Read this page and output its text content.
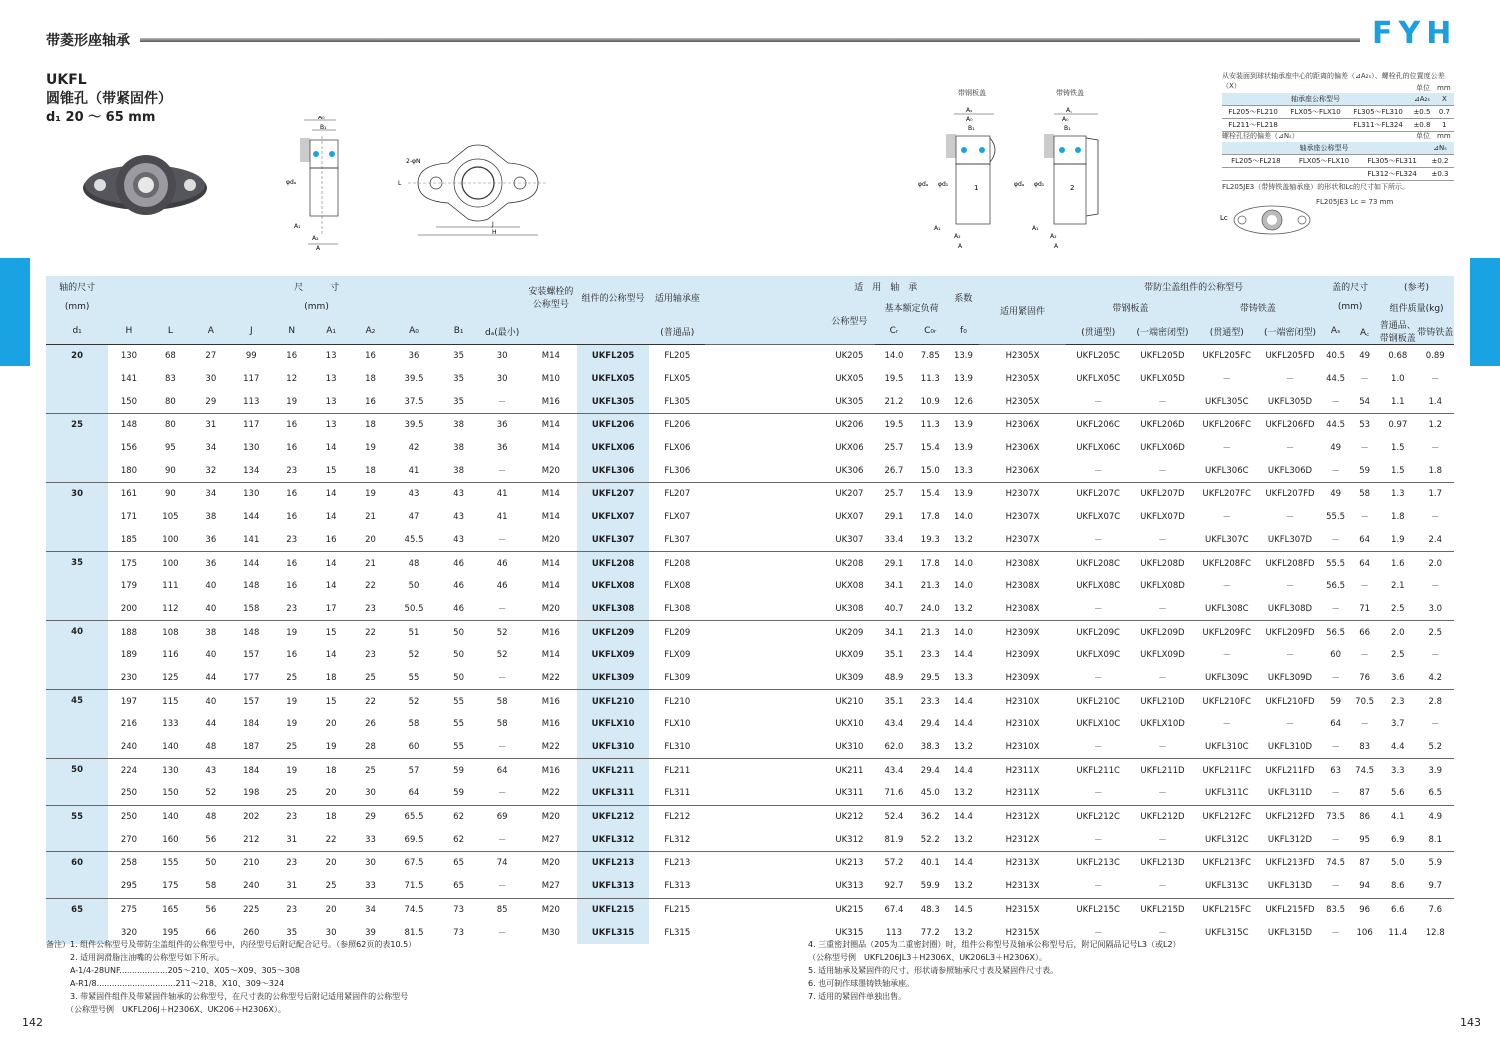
带菱形座轴承	FYH
UKFL
圆锥孔（带紧固件）
d₁ 20 ～ 65 mm
UKFL	UKFL
A₀
B₁
φdₐ
A₁
A₂
A
2-φN
L
J
H
带钢板盖	带铸铁盖
Aₛ
A₀
B₁
1
φdₐ φd₁
A₁
A₂
A
A꜀
A₀
B₁
2
φdₐ φd₁
A₁
A₂
A
从安装面到球状轴承座中心的距离的偏差（⊿A₂ₛ）、螺栓孔的位置度公差（X）	单位　mm
轴承座公称型号			⊿A₂ₛ	X
FL205～FL210	FLX05～FLX10	FL305～FL310	±0.5	0.7
FL211～FL218		FL311～FL324	±0.8	1
螺栓孔径的偏差（⊿Nₛ）	单位　mm
轴承座公称型号			⊿Nₛ
FL205～FL218	FLX05～FLX10	FL305～FL311	±0.2
		FL312～FL324	±0.3
FL205JE3（带铸铁盖轴承座）的形状和Lc的尺寸如下所示。
Lc
FL205JE3 Lc = 73 mm
轴的尺寸	尺　　　寸										安装螺栓的公称型号	组件的公称型号	适用轴承座		适　用　轴　承			系数	适用紧固件	带防尘盖组件的公称型号				盖的尺寸		(参考)	
(mm)	(mm)														公称型号	基本额定负荷				带钢板盖		带铸铁盖		(mm)		组件质量(kg)	
d₁	H	L	A	J	N	A₁	A₂	A₀	B₁	dₐ(最小)			(普通品)			Cᵣ	C₀ᵣ	f₀		(贯通型)	(一端密闭型)	(贯通型)	(一端密闭型)	Aₛ	A꜀	普通品、带钢板盖	带铸铁盖
20	130	68	27	99	16	13	16	36	35	30	M14	UKFL205	FL205		UK205	14.0	7.85	13.9	H2305X	UKFL205C	UKFL205D	UKFL205FC	UKFL205FD	40.5	49	0.68	0.89
	141	83	30	117	12	13	18	39.5	35	30	M10	UKFLX05	FLX05		UKX05	19.5	11.3	13.9	H2305X	UKFLX05C	UKFLX05D	－	－	44.5	－	1.0	－
	150	80	29	113	19	13	16	37.5	35	－	M16	UKFL305	FL305		UK305	21.2	10.9	12.6	H2305X	－	－	UKFL305C	UKFL305D	－	54	1.1	1.4
25	148	80	31	117	16	13	18	39.5	38	36	M14	UKFL206	FL206		UK206	19.5	11.3	13.9	H2306X	UKFL206C	UKFL206D	UKFL206FC	UKFL206FD	44.5	53	0.97	1.2
	156	95	34	130	16	14	19	42	38	36	M14	UKFLX06	FLX06		UKX06	25.7	15.4	13.9	H2306X	UKFLX06C	UKFLX06D	－	－	49	－	1.5	－
	180	90	32	134	23	15	18	41	38	－	M20	UKFL306	FL306		UK306	26.7	15.0	13.3	H2306X	－	－	UKFL306C	UKFL306D	－	59	1.5	1.8
30	161	90	34	130	16	14	19	43	43	41	M14	UKFL207	FL207		UK207	25.7	15.4	13.9	H2307X	UKFL207C	UKFL207D	UKFL207FC	UKFL207FD	49	58	1.3	1.7
	171	105	38	144	16	14	21	47	43	41	M14	UKFLX07	FLX07		UKX07	29.1	17.8	14.0	H2307X	UKFLX07C	UKFLX07D	－	－	55.5	－	1.8	－
	185	100	36	141	23	16	20	45.5	43	－	M20	UKFL307	FL307		UK307	33.4	19.3	13.2	H2307X	－	－	UKFL307C	UKFL307D	－	64	1.9	2.4
35	175	100	36	144	16	14	21	48	46	46	M14	UKFL208	FL208		UK208	29.1	17.8	14.0	H2308X	UKFL208C	UKFL208D	UKFL208FC	UKFL208FD	55.5	64	1.6	2.0
	179	111	40	148	16	14	22	50	46	46	M14	UKFLX08	FLX08		UKX08	34.1	21.3	14.0	H2308X	UKFLX08C	UKFLX08D	－	－	56.5	－	2.1	－
	200	112	40	158	23	17	23	50.5	46	－	M20	UKFL308	FL308		UK308	40.7	24.0	13.2	H2308X	－	－	UKFL308C	UKFL308D	－	71	2.5	3.0
40	188	108	38	148	19	15	22	51	50	52	M16	UKFL209	FL209		UK209	34.1	21.3	14.0	H2309X	UKFL209C	UKFL209D	UKFL209FC	UKFL209FD	56.5	66	2.0	2.5
	189	116	40	157	16	14	23	52	50	52	M14	UKFLX09	FLX09		UKX09	35.1	23.3	14.4	H2309X	UKFLX09C	UKFLX09D	－	－	60	－	2.5	－
	230	125	44	177	25	18	25	55	50	－	M22	UKFL309	FL309		UK309	48.9	29.5	13.3	H2309X	－	－	UKFL309C	UKFL309D	－	76	3.6	4.2
45	197	115	40	157	19	15	22	52	55	58	M16	UKFL210	FL210		UK210	35.1	23.3	14.4	H2310X	UKFL210C	UKFL210D	UKFL210FC	UKFL210FD	59	70.5	2.3	2.8
	216	133	44	184	19	20	26	58	55	58	M16	UKFLX10	FLX10		UKX10	43.4	29.4	14.4	H2310X	UKFLX10C	UKFLX10D	－	－	64	－	3.7	－
	240	140	48	187	25	19	28	60	55	－	M22	UKFL310	FL310		UK310	62.0	38.3	13.2	H2310X	－	－	UKFL310C	UKFL310D	－	83	4.4	5.2
50	224	130	43	184	19	18	25	57	59	64	M16	UKFL211	FL211		UK211	43.4	29.4	14.4	H2311X	UKFL211C	UKFL211D	UKFL211FC	UKFL211FD	63	74.5	3.3	3.9
	250	150	52	198	25	20	30	64	59	－	M22	UKFL311	FL311		UK311	71.6	45.0	13.2	H2311X	－	－	UKFL311C	UKFL311D	－	87	5.6	6.5
55	250	140	48	202	23	18	29	65.5	62	69	M20	UKFL212	FL212		UK212	52.4	36.2	14.4	H2312X	UKFL212C	UKFL212D	UKFL212FC	UKFL212FD	73.5	86	4.1	4.9
	270	160	56	212	31	22	33	69.5	62	－	M27	UKFL312	FL312		UK312	81.9	52.2	13.2	H2312X	－	－	UKFL312C	UKFL312D	－	95	6.9	8.1
60	258	155	50	210	23	20	30	67.5	65	74	M20	UKFL213	FL213		UK213	57.2	40.1	14.4	H2313X	UKFL213C	UKFL213D	UKFL213FC	UKFL213FD	74.5	87	5.0	5.9
	295	175	58	240	31	25	33	71.5	65	－	M27	UKFL313	FL313		UK313	92.7	59.9	13.2	H2313X	－	－	UKFL313C	UKFL313D	－	94	8.6	9.7
65	275	165	56	225	23	20	34	74.5	73	85	M20	UKFL215	FL215		UK215	67.4	48.3	14.5	H2315X	UKFL215C	UKFL215D	UKFL215FC	UKFL215FD	83.5	96	6.6	7.6
	320	195	66	260	35	30	39	81.5	73	－	M30	UKFL315	FL315		UK315	113	77.2	13.2	H2315X	－	－	UKFL315C	UKFL315D	－	106	11.4	12.8
备注）1. 组件公称型号及带防尘盖组件的公称型号中，内径型号后附记配合记号。（参照62页的表10.5）
　　　2. 适用润滑脂注油嘴的公称型号如下所示。
　　　A-1/4-28UNF...................205～210、X05～X09、305～308
　　　A-R1/8...............................211～218、X10、309～324
　　　3. 带紧固件组件及带紧固件轴承的公称型号，在尺寸表的公称型号后附记适用紧固件的公称型号
　　　（公称型号例　UKFL206J＋H2306X、UK206＋H2306X）。
4. 三重密封圈品（205为二重密封圈）时，组件公称型号及轴承公称型号后，附记间隔品记号L3（或L2）
（公称型号例　UKFL206JL3＋H2306X、UK206L3＋H2306X）。
5. 适用轴承及紧固件的尺寸、形状请参照轴承尺寸表及紧固件尺寸表。
6. 也可制作球墨铸铁轴承座。
7. 适用的紧固件单独出售。
142	143
